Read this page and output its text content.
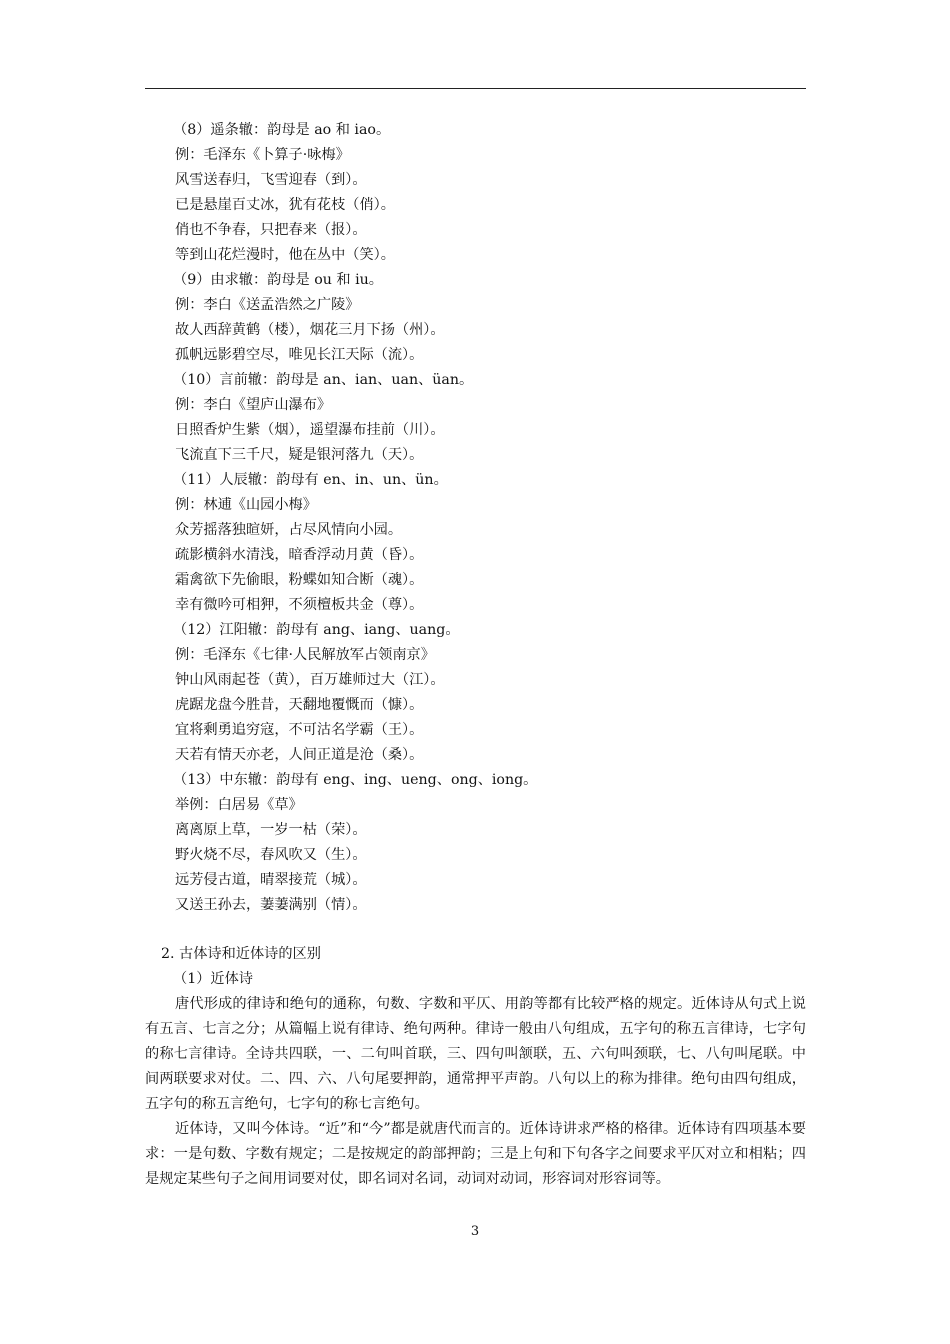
（8）遥条辙：韵母是 ao 和 iao。
例：毛泽东《卜算子·咏梅》
风雪送春归，飞雪迎春（到）。
已是悬崖百丈冰，犹有花枝（俏）。
俏也不争春，只把春来（报）。
等到山花烂漫时，他在丛中（笑）。
（9）由求辙：韵母是 ou 和 iu。
例：李白《送孟浩然之广陵》
故人西辞黄鹤（楼），烟花三月下扬（州）。
孤帆远影碧空尽，唯见长江天际（流）。
（10）言前辙：韵母是 an、ian、uan、üan。
例：李白《望庐山瀑布》
日照香炉生紫（烟），遥望瀑布挂前（川）。
飞流直下三千尺，疑是银河落九（天）。
（11）人辰辙：韵母有 en、in、un、ün。
例：林逋《山园小梅》
众芳摇落独暄妍，占尽风情向小园。
疏影横斜水清浅，暗香浮动月黄（昏）。
霜禽欲下先偷眼，粉蝶如知合断（魂）。
幸有微吟可相狎，不须檀板共金（尊）。
（12）江阳辙：韵母有 ang、iang、uang。
例：毛泽东《七律·人民解放军占领南京》
钟山风雨起苍（黄），百万雄师过大（江）。
虎踞龙盘今胜昔，天翻地覆慨而（慷）。
宜将剩勇追穷寇，不可沽名学霸（王）。
天若有情天亦老，人间正道是沧（桑）。
（13）中东辙：韵母有 eng、ing、ueng、ong、iong。
举例：白居易《草》
离离原上草，一岁一枯（荣）。
野火烧不尽，春风吹又（生）。
远芳侵古道，晴翠接荒（城）。
又送王孙去，萋萋满别（情）。
2. 古体诗和近体诗的区别
（1）近体诗

唐代形成的律诗和绝句的通称，句数、字数和平仄、用韵等都有比较严格的规定。近体诗从句式上说有五言、七言之分；从篇幅上说有律诗、绝句两种。律诗一般由八句组成，五字句的称五言律诗，七字句的称七言律诗。全诗共四联，一、二句叫首联，三、四句叫颔联，五、六句叫颈联，七、八句叫尾联。中间两联要求对仗。二、四、六、八句尾要押韵，通常押平声韵。八句以上的称为排律。绝句由四句组成，五字句的称五言绝句，七字句的称七言绝句。

近体诗，又叫今体诗。“近”和“今”都是就唐代而言的。近体诗讲求严格的格律。近体诗有四项基本要求：一是句数、字数有规定；二是按规定的韵部押韵；三是上句和下句各字之间要求平仄对立和相粘；四是规定某些句子之间用词要对仗，即名词对名词，动词对动词，形容词对形容词等。

3
